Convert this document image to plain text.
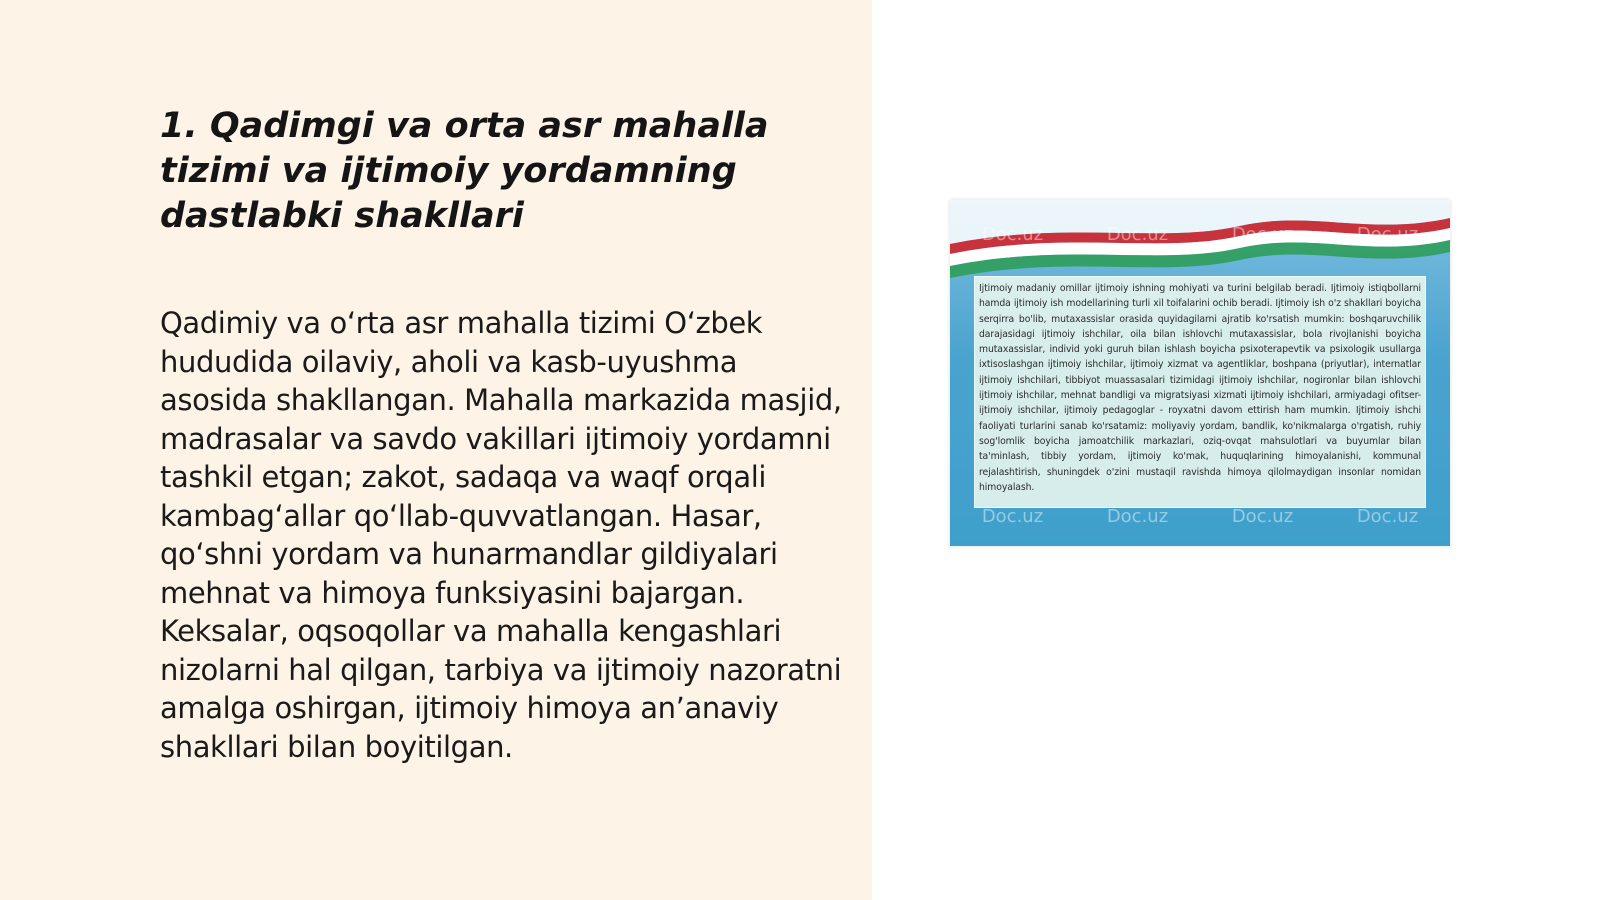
1. Qadimgi va orta asr mahalla tizimi va ijtimoiy yordamning dastlabki shakllari

Qadimiy va o‘rta asr mahalla tizimi O‘zbek hududida oilaviy, aholi va kasb-uyushma asosida shakllangan. Mahalla markazida masjid, madrasalar va savdo vakillari ijtimoiy yordamni tashkil etgan; zakot, sadaqa va waqf orqali kambag‘allar qo‘llab-quvvatlangan. Hasar, qo‘shni yordam va hunarmandlar gildiyalari mehnat va himoya funksiyasini bajargan. Keksalar, oqsoqollar va mahalla kengashlari nizolarni hal qilgan, tarbiya va ijtimoiy nazoratni amalga oshirgan, ijtimoiy himoya an’anaviy shakllari bilan boyitilgan.

Doc.uz	Doc.uz	Doc.uz	Doc.uz

Ijtimoiy madaniy omillar ijtimoiy ishning mohiyati va turini belgilab beradi. Ijtimoiy istiqbollarni hamda ijtimoiy ish modellarining turli xil toifalarini ochib beradi. Ijtimoiy ish o'z shakllari boyicha serqirra bo'lib, mutaxassislar orasida quyidagilarni ajratib ko'rsatish mumkin: boshqaruvchilik darajasidagi ijtimoiy ishchilar, oila bilan ishlovchi mutaxassislar, bola rivojlanishi boyicha mutaxassislar, individ yoki guruh bilan ishlash boyicha psixoterapevtik va psixologik usullarga ixtisoslashgan ijtimoiy ishchilar, ijtimoiy xizmat va agentliklar, boshpana (priyutlar), internatlar ijtimoiy ishchilari, tibbiyot muassasalari tizimidagi ijtimoiy ishchilar, nogironlar bilan ishlovchi ijtimoiy ishchilar, mehnat bandligi va migratsiyasi xizmati ijtimoiy ishchilari, armiyadagi ofitser-ijtimoiy ishchilar, ijtimoiy pedagoglar - royxatni davom ettirish ham mumkin. Ijtimoiy ishchi faoliyati turlarini sanab ko'rsatamiz: moliyaviy yordam, bandlik, ko'nikmalarga o'rgatish, ruhiy sog'lomlik boyicha jamoatchilik markazlari, oziq-ovqat mahsulotlari va buyumlar bilan ta'minlash, tibbiy yordam, ijtimoiy ko'mak, huquqlarining himoyalanishi, kommunal rejalashtirish, shuningdek o'zini mustaqil ravishda himoya qilolmaydigan insonlar nomidan himoyalash.

Doc.uz	Doc.uz	Doc.uz	Doc.uz
